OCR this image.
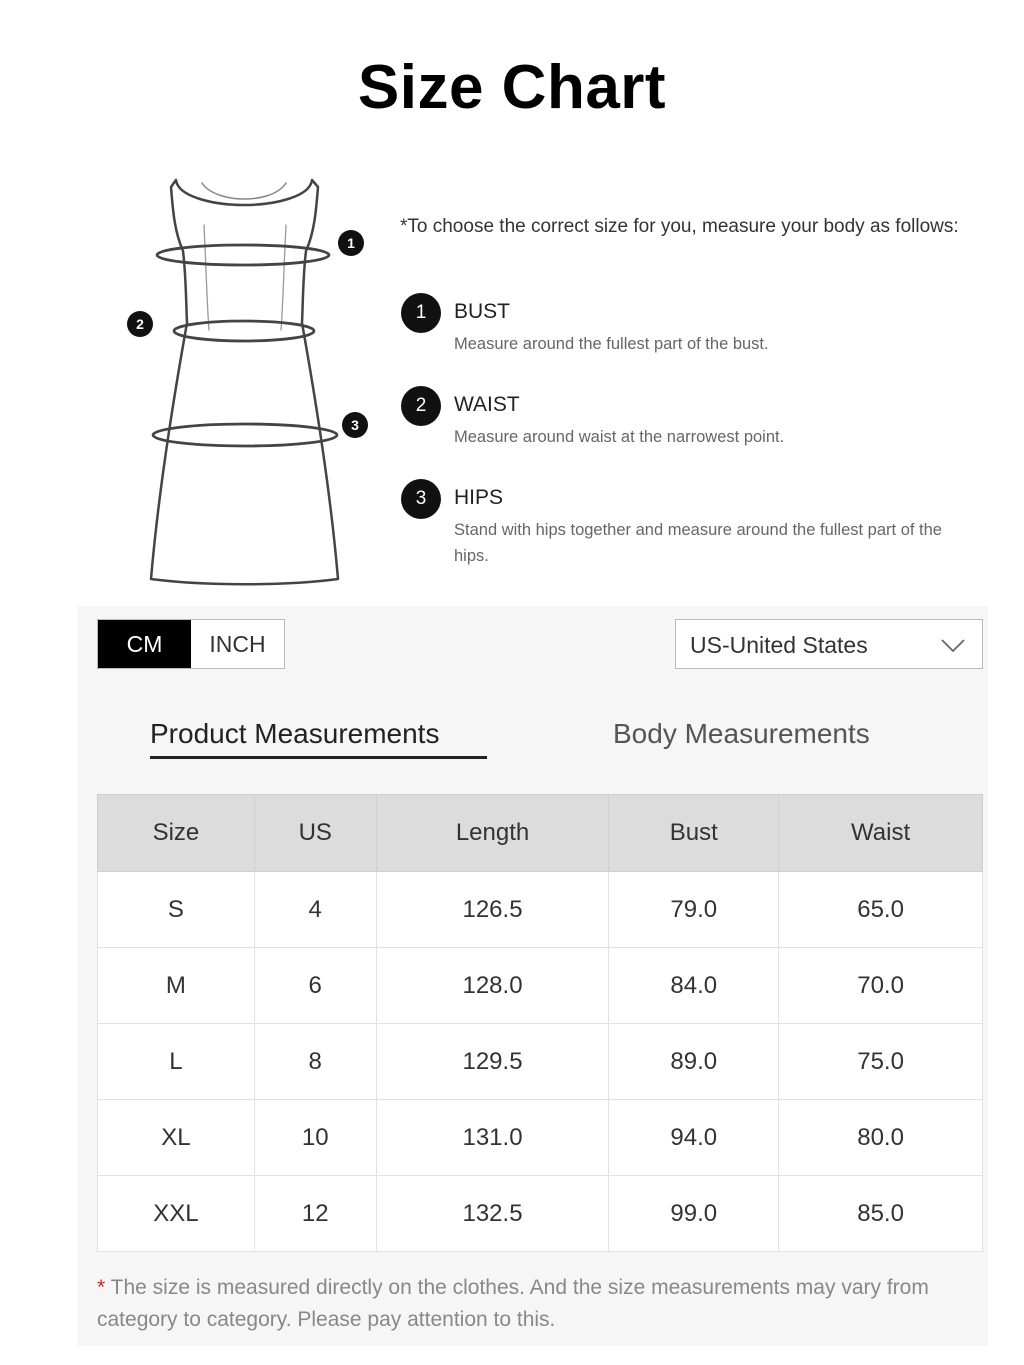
Size Chart
1
2
3
*To choose the correct size for you, measure your body as follows:
1	BUST
Measure around the fullest part of the bust.
2	WAIST
Measure around waist at the narrowest point.
3	HIPS
Stand with hips together and measure around the fullest part of the hips.
CM	INCH	US-United States
Product Measurements	Body Measurements
Size	US	Length	Bust	Waist
S	4	126.5	79.0	65.0
M	6	128.0	84.0	70.0
L	8	129.5	89.0	75.0
XL	10	131.0	94.0	80.0
XXL	12	132.5	99.0	85.0
* The size is measured directly on the clothes. And the size measurements may vary from category to category. Please pay attention to this.
